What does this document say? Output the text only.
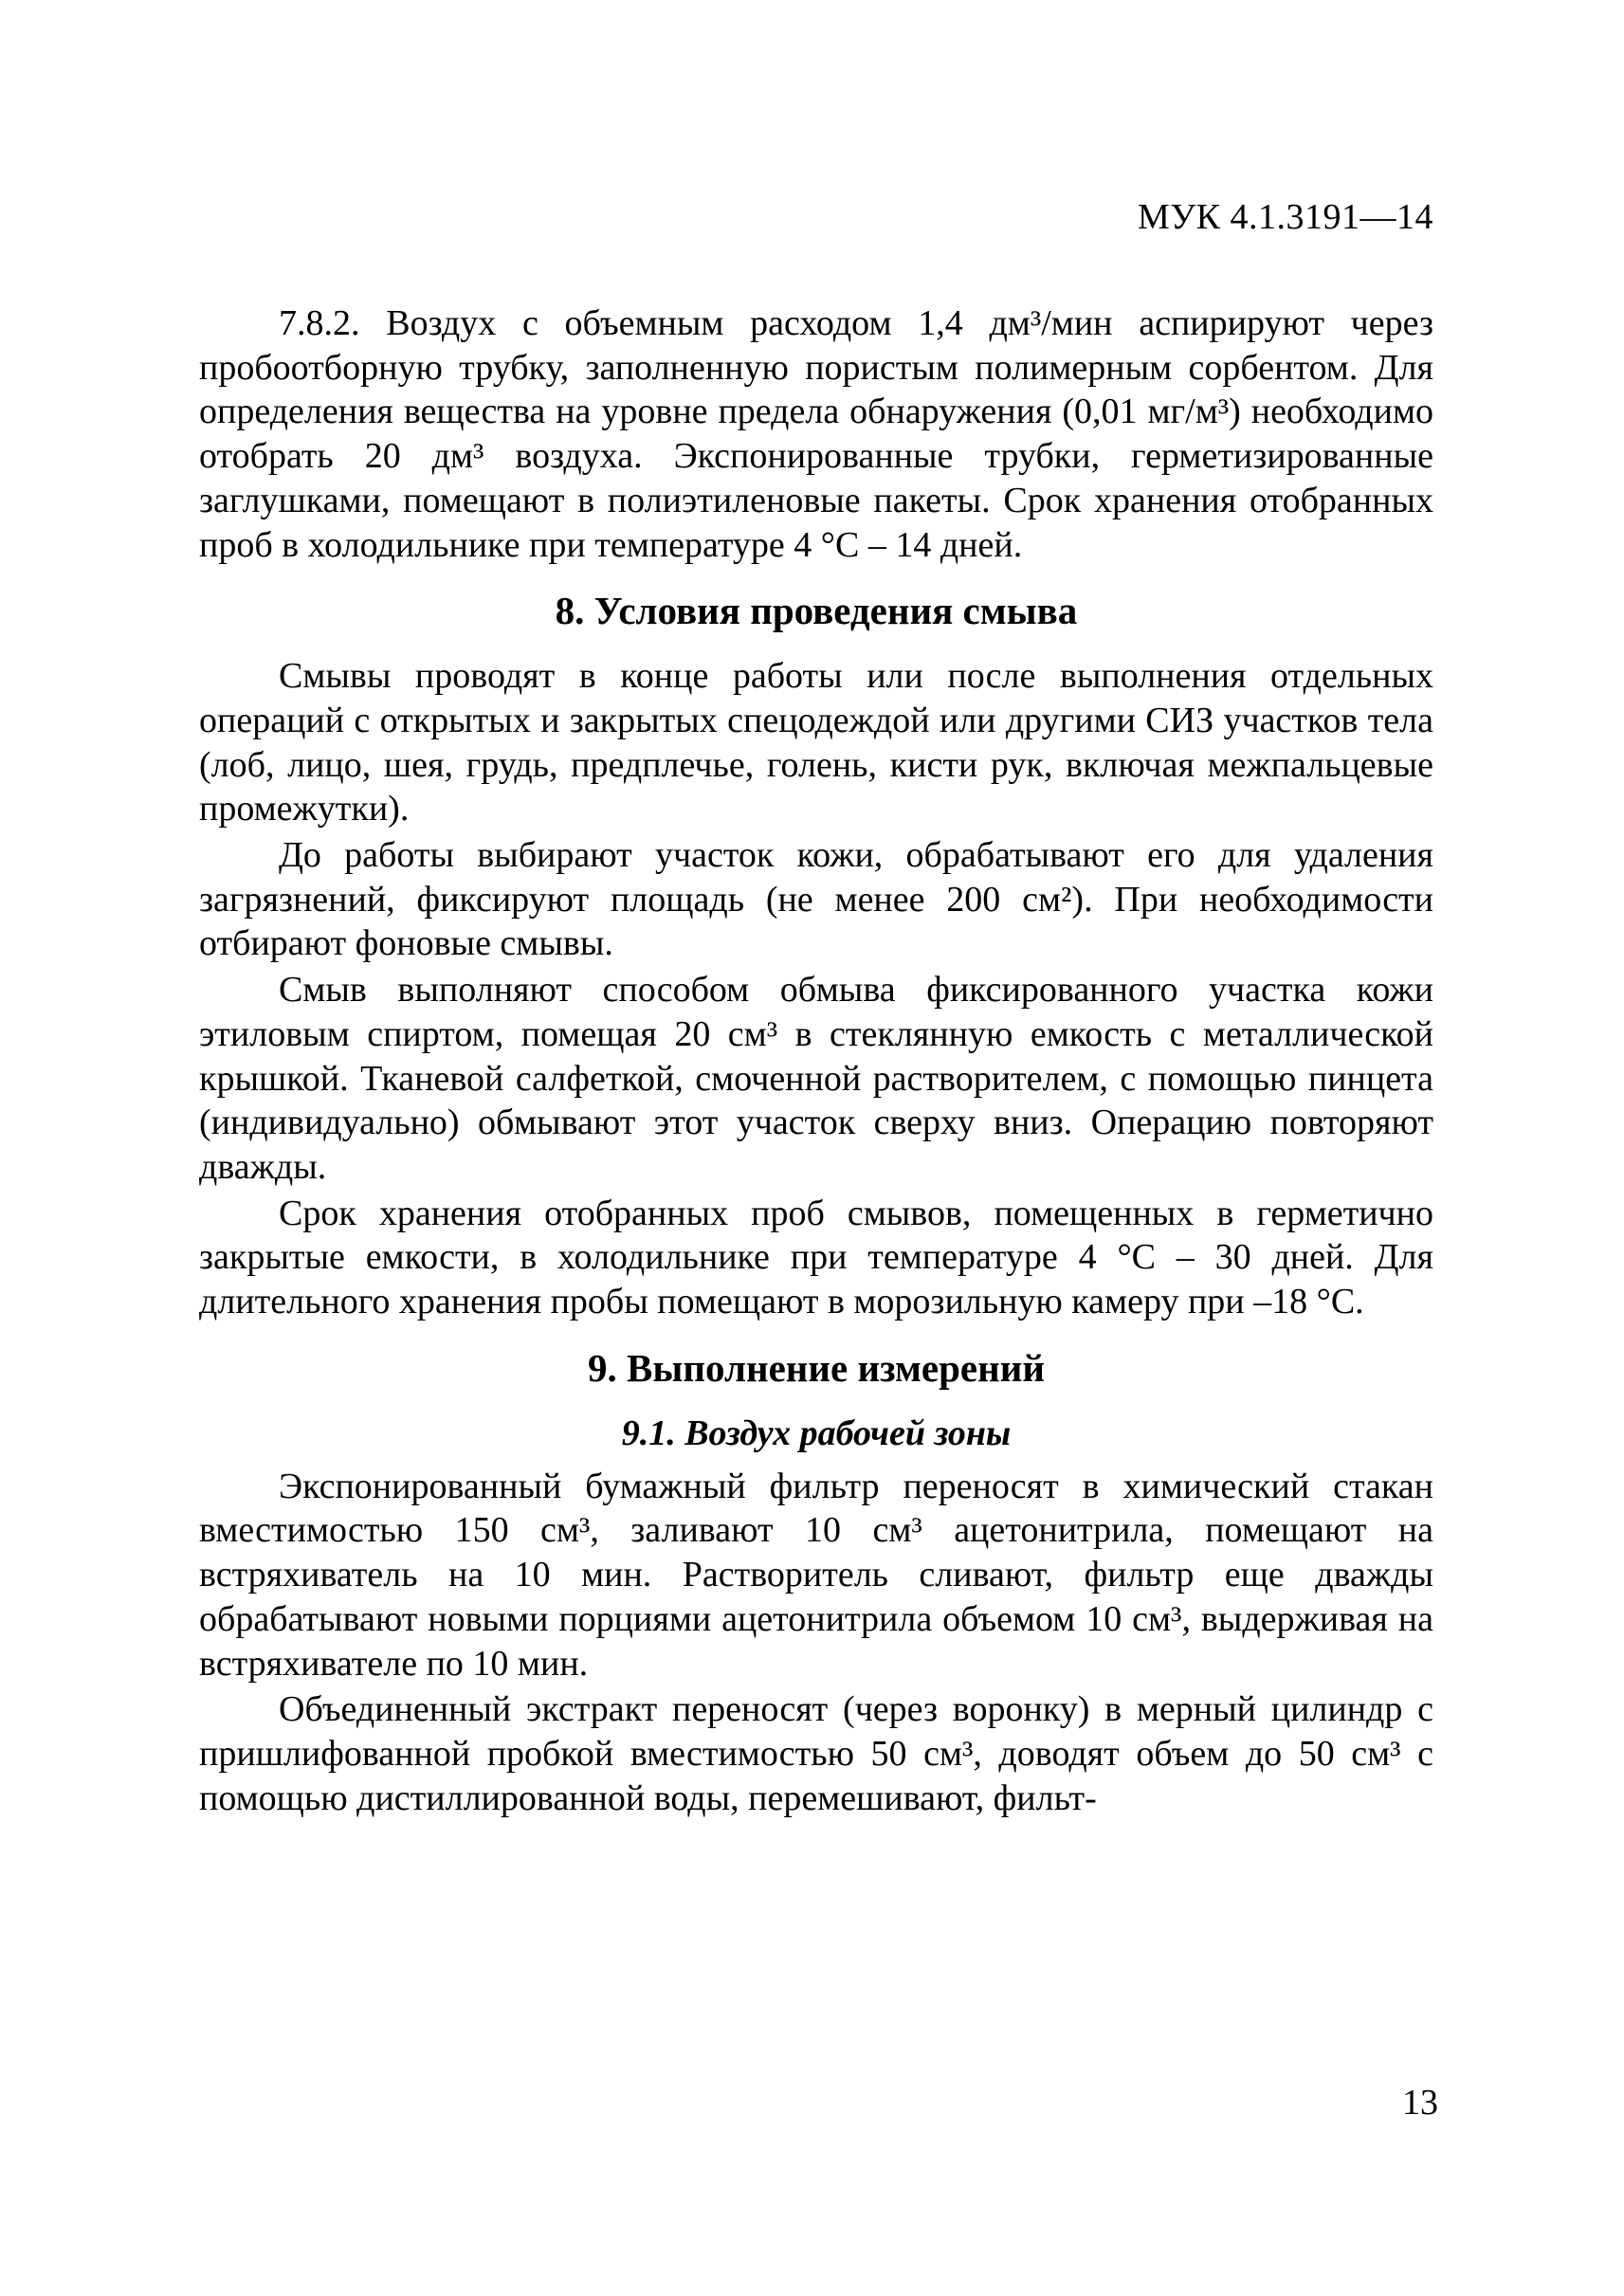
МУК 4.1.3191—14

7.8.2. Воздух с объемным расходом 1,4 дм³/мин аспирируют через пробоотборную трубку, заполненную пористым полимерным сорбентом. Для определения вещества на уровне предела обнаружения (0,01 мг/м³) необходимо отобрать 20 дм³ воздуха. Экспонированные трубки, герметизированные заглушками, помещают в полиэтиленовые пакеты. Срок хранения отобранных проб в холодильнике при температуре 4 °С – 14 дней.

8. Условия проведения смыва

Смывы проводят в конце работы или после выполнения отдельных операций с открытых и закрытых спецодеждой или другими СИЗ участков тела (лоб, лицо, шея, грудь, предплечье, голень, кисти рук, включая межпальцевые промежутки).

До работы выбирают участок кожи, обрабатывают его для удаления загрязнений, фиксируют площадь (не менее 200 см²). При необходимости отбирают фоновые смывы.

Смыв выполняют способом обмыва фиксированного участка кожи этиловым спиртом, помещая 20 см³ в стеклянную емкость с металлической крышкой. Тканевой салфеткой, смоченной растворителем, с помощью пинцета (индивидуально) обмывают этот участок сверху вниз. Операцию повторяют дважды.

Срок хранения отобранных проб смывов, помещенных в герметично закрытые емкости, в холодильнике при температуре 4 °С – 30 дней. Для длительного хранения пробы помещают в морозильную камеру при –18 °С.

9. Выполнение измерений
9.1. Воздух рабочей зоны

Экспонированный бумажный фильтр переносят в химический стакан вместимостью 150 см³, заливают 10 см³ ацетонитрила, помещают на встряхиватель на 10 мин. Растворитель сливают, фильтр еще дважды обрабатывают новыми порциями ацетонитрила объемом 10 см³, выдерживая на встряхивателе по 10 мин.

Объединенный экстракт переносят (через воронку) в мерный цилиндр с пришлифованной пробкой вместимостью 50 см³, доводят объем до 50 см³ с помощью дистиллированной воды, перемешивают, фильт-

13
